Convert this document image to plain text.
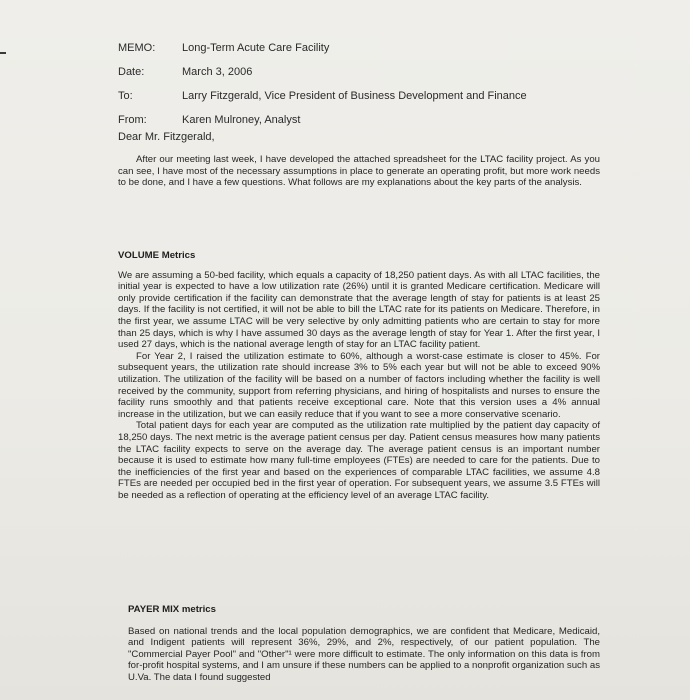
MEMO:	Long-Term Acute Care Facility
Date:	March 3, 2006
To:	Larry Fitzgerald, Vice President of Business Development and Finance
From:	Karen Mulroney, Analyst
Dear Mr. Fitzgerald,

After our meeting last week, I have developed the attached spreadsheet for the LTAC facility project. As you can see, I have most of the necessary assumptions in place to generate an operating profit, but more work needs to be done, and I have a few questions. What follows are my explanations about the key parts of the analysis.

VOLUME Metrics

We are assuming a 50-bed facility, which equals a capacity of 18,250 patient days. As with all LTAC facilities, the initial year is expected to have a low utilization rate (26%) until it is granted Medicare certification. Medicare will only provide certification if the facility can demonstrate that the average length of stay for patients is at least 25 days. If the facility is not certified, it will not be able to bill the LTAC rate for its patients on Medicare. Therefore, in the first year, we assume LTAC will be very selective by only admitting patients who are certain to stay for more than 25 days, which is why I have assumed 30 days as the average length of stay for Year 1. After the first year, I used 27 days, which is the national average length of stay for an LTAC facility patient.

For Year 2, I raised the utilization estimate to 60%, although a worst-case estimate is closer to 45%. For subsequent years, the utilization rate should increase 3% to 5% each year but will not be able to exceed 90% utilization. The utilization of the facility will be based on a number of factors including whether the facility is well received by the community, support from referring physicians, and hiring of hospitalists and nurses to ensure the facility runs smoothly and that patients receive exceptional care. Note that this version uses a 4% annual increase in the utilization, but we can easily reduce that if you want to see a more conservative scenario.

Total patient days for each year are computed as the utilization rate multiplied by the patient day capacity of 18,250 days. The next metric is the average patient census per day. Patient census measures how many patients the LTAC facility expects to serve on the average day. The average patient census is an important number because it is used to estimate how many full-time employees (FTEs) are needed to care for the patients. Due to the inefficiencies of the first year and based on the experiences of comparable LTAC facilities, we assume 4.8 FTEs are needed per occupied bed in the first year of operation. For subsequent years, we assume 3.5 FTEs will be needed as a reflection of operating at the efficiency level of an average LTAC facility.

PAYER MIX metrics

Based on national trends and the local population demographics, we are confident that Medicare, Medicaid, and Indigent patients will represent 36%, 29%, and 2%, respectively, of our patient population. The "Commercial Payer Pool" and "Other"¹ were more difficult to estimate. The only information on this data is from for-profit hospital systems, and I am unsure if these numbers can be applied to a nonprofit organization such as U.Va. The data I found suggested
